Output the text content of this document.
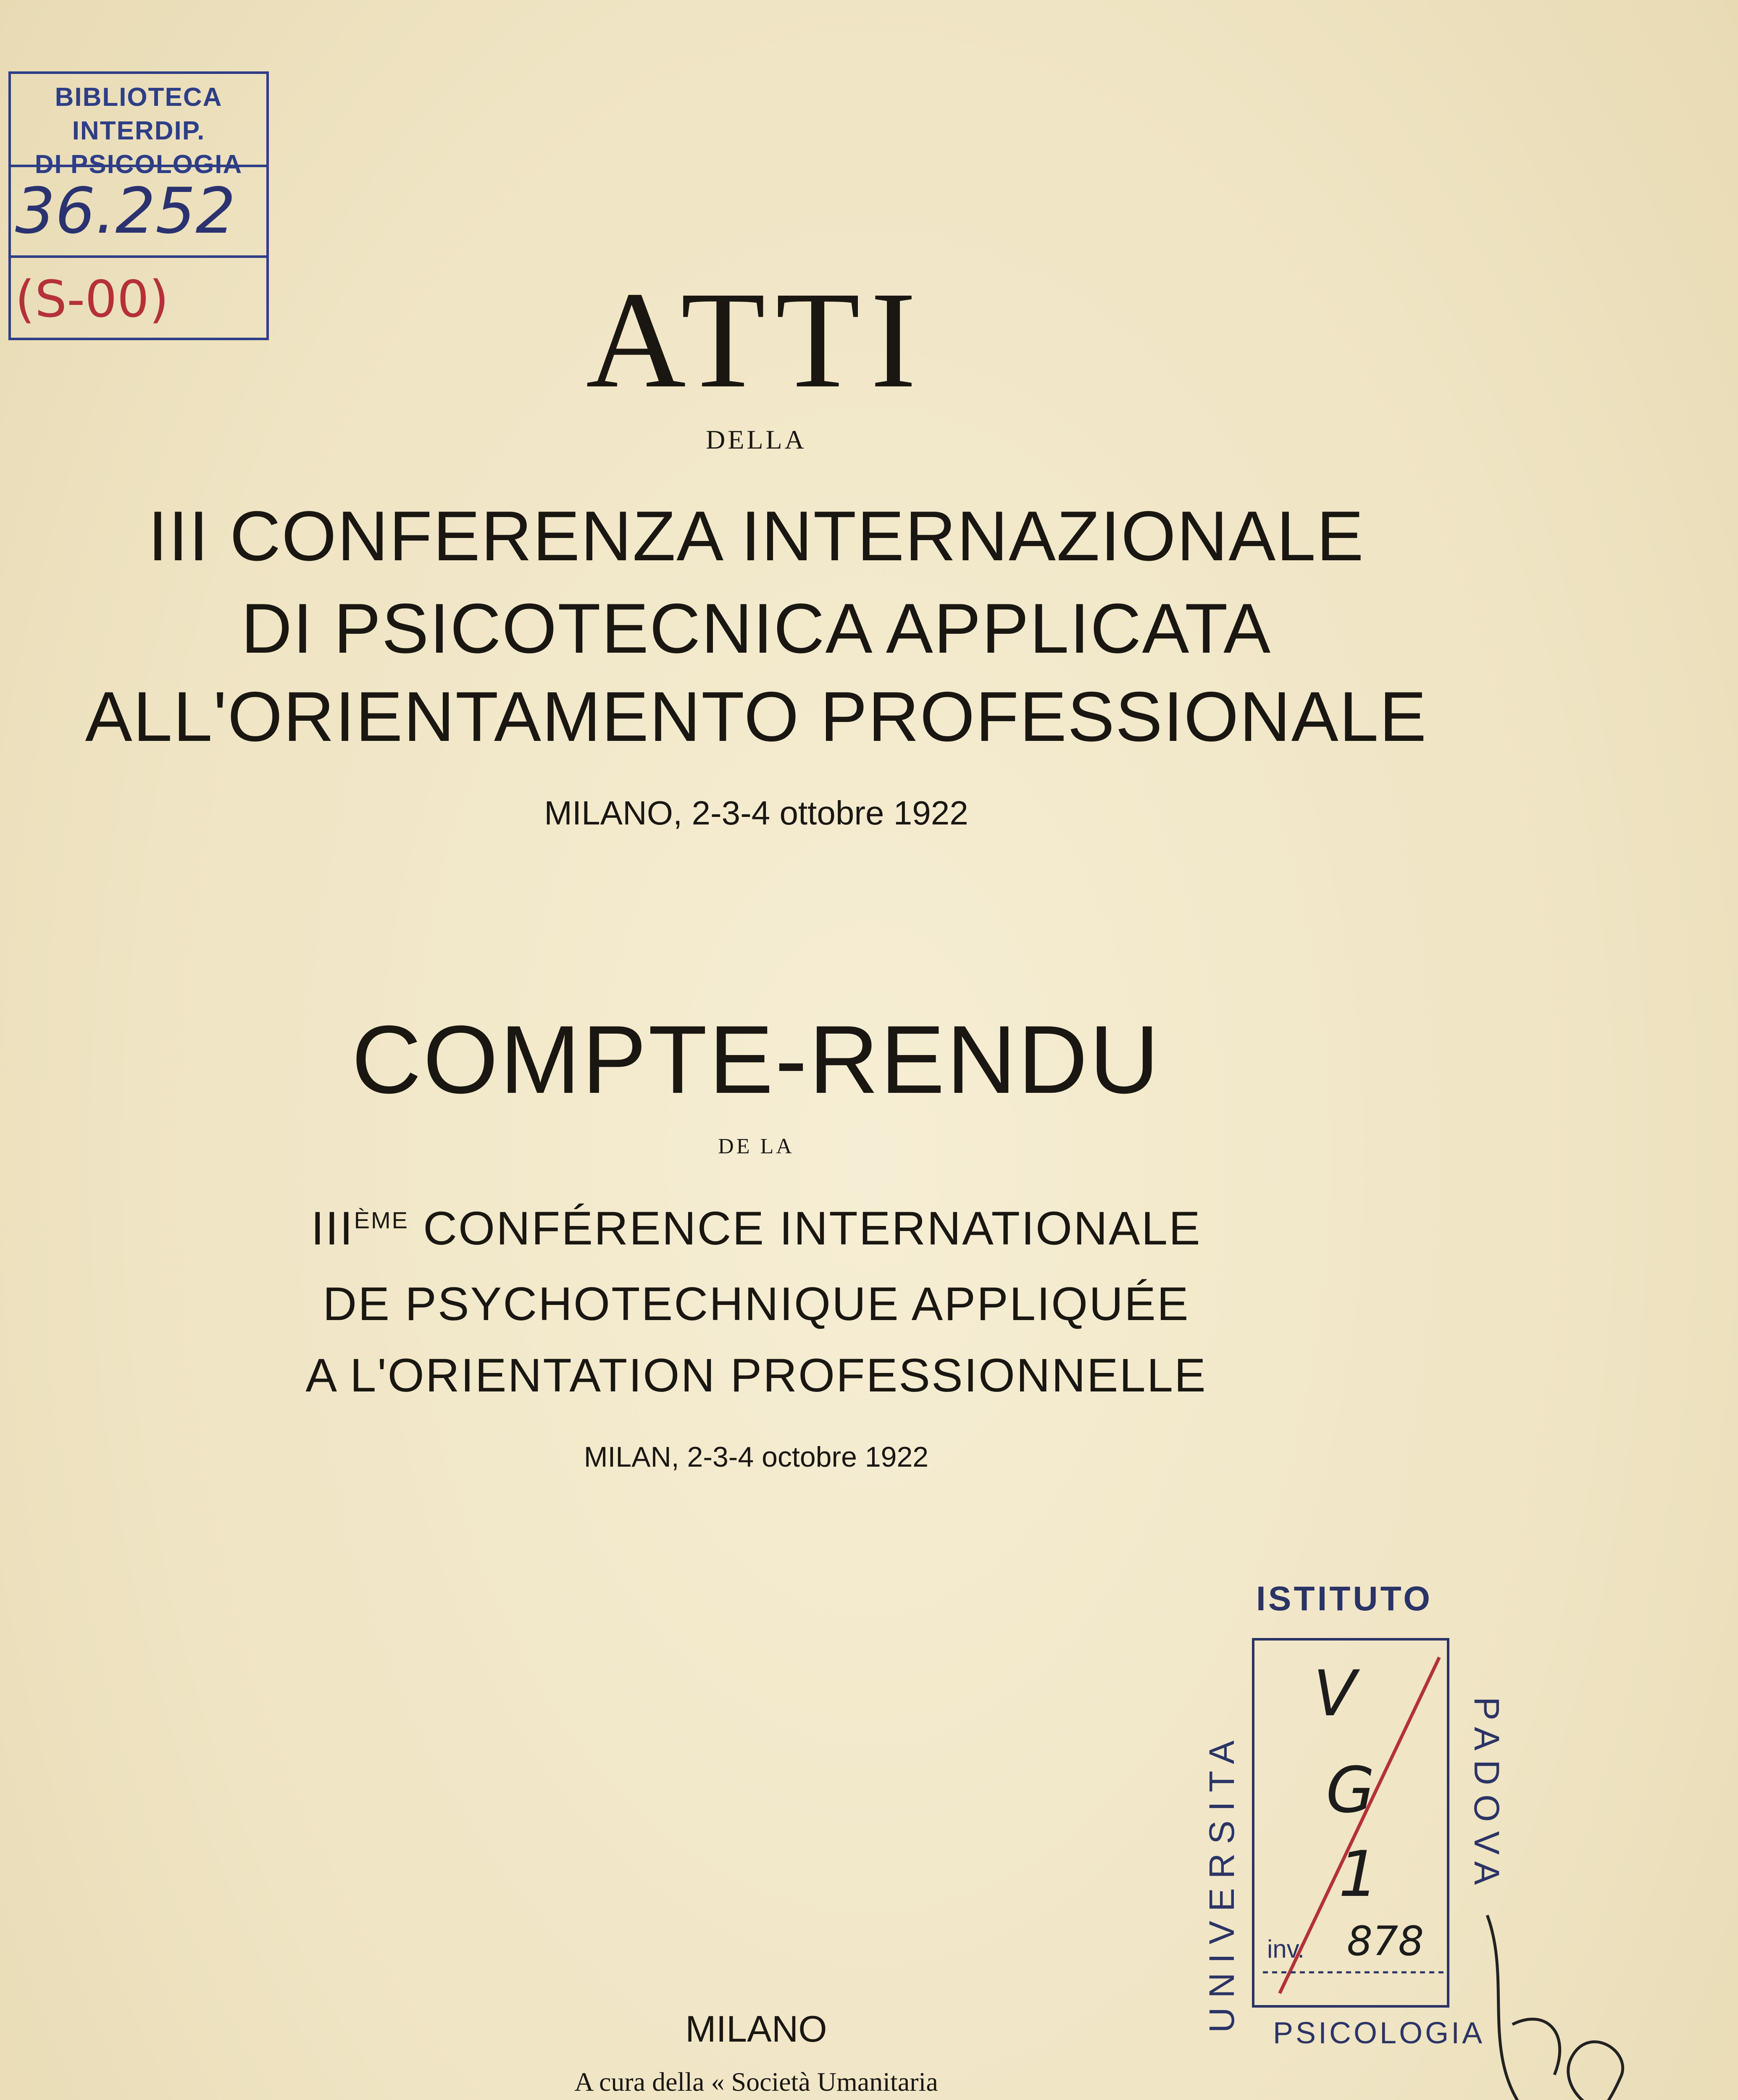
BIBLIOTECA INTERDIP.
DI PSICOLOGIA
36.252
(S-00)	ATTI
DELLA
III CONFERENZA INTERNAZIONALE
DI PSICOTECNICA APPLICATA
ALL'ORIENTAMENTO PROFESSIONALE
MILANO, 2-3-4 ottobre 1922
COMPTE-RENDU
DE LA
IIIÈME CONFÉRENCE INTERNATIONALE
DE PSYCHOTECHNIQUE APPLIQUÉE
A L'ORIENTATION PROFESSIONNELLE
MILAN, 2-3-4 octobre 1922
MILANO
A cura della « Società Umanitaria
ISTITUTO
V
G
1
inv. 878
UNIVERSITA	PADOVA
PSICOLOGIA
